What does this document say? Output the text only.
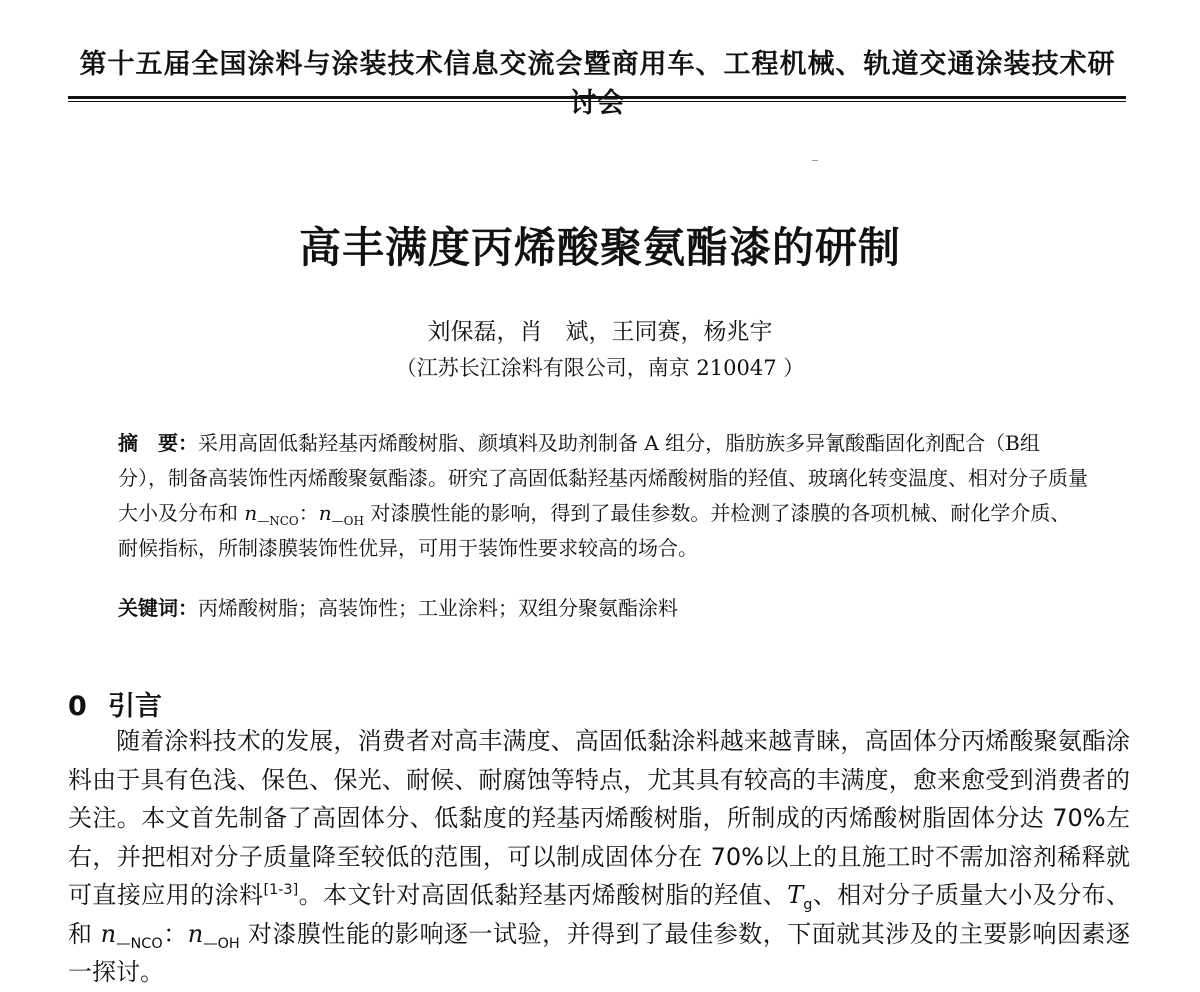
第十五届全国涂料与涂装技术信息交流会暨商用车、工程机械、轨道交通涂装技术研讨会
高丰满度丙烯酸聚氨酯漆的研制
刘保磊，肖　斌，王同赛，杨兆宇
（江苏长江涂料有限公司，南京 210047 ）
摘　要：采用高固低黏羟基丙烯酸树脂、颜填料及助剂制备 A 组分，脂肪族多异氰酸酯固化剂配合（B组分），制备高装饰性丙烯酸聚氨酯漆。研究了高固低黏羟基丙烯酸树脂的羟值、玻璃化转变温度、相对分子质量大小及分布和 $n_{—NCO}$：$n_{—OH}$ 对漆膜性能的影响，得到了最佳参数。并检测了漆膜的各项机械、耐化学介质、耐候指标，所制漆膜装饰性优异，可用于装饰性要求较高的场合。
关键词：丙烯酸树脂；高装饰性；工业涂料；双组分聚氨酯涂料
0 引言
随着涂料技术的发展，消费者对高丰满度、高固低黏涂料越来越青睐，高固体分丙烯酸聚氨酯涂料由于具有色浅、保色、保光、耐候、耐腐蚀等特点，尤其具有较高的丰满度，愈来愈受到消费者的关注。本文首先制备了高固体分、低黏度的羟基丙烯酸树脂，所制成的丙烯酸树脂固体分达 70%左右，并把相对分子质量降至较低的范围，可以制成固体分在 70%以上的且施工时不需加溶剂稀释就可直接应用的涂料[1-3]。本文针对高固低黏羟基丙烯酸树脂的羟值、$T_g$、相对分子质量大小及分布、和 $n_{—NCO}$：$n_{—OH}$ 对漆膜性能的影响逐一试验，并得到了最佳参数，下面就其涉及的主要影响因素逐一探讨。
